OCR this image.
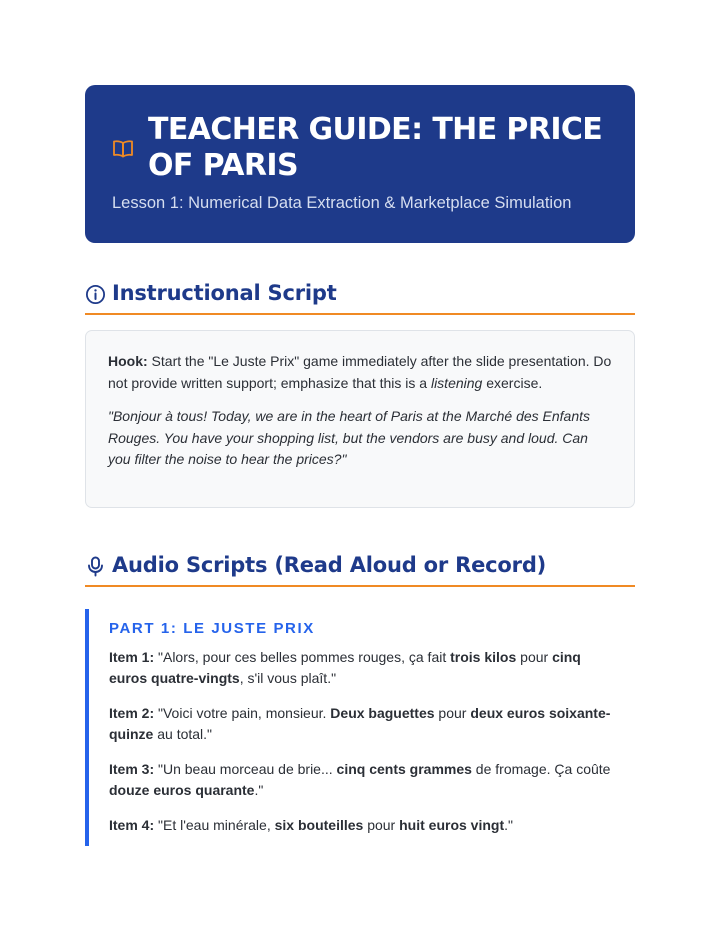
TEACHER GUIDE: THE PRICE OF PARIS

Lesson 1: Numerical Data Extraction & Marketplace Simulation

Instructional Script

Hook: Start the "Le Juste Prix" game immediately after the slide presentation. Do not provide written support; emphasize that this is a listening exercise.

"Bonjour à tous! Today, we are in the heart of Paris at the Marché des Enfants Rouges. You have your shopping list, but the vendors are busy and loud. Can you filter the noise to hear the prices?"

Audio Scripts (Read Aloud or Record)
PART 1: LE JUSTE PRIX

Item 1: "Alors, pour ces belles pommes rouges, ça fait trois kilos pour cinq euros quatre-vingts, s'il vous plaît."

Item 2: "Voici votre pain, monsieur. Deux baguettes pour deux euros soixante-quinze au total."

Item 3: "Un beau morceau de brie... cinq cents grammes de fromage. Ça coûte douze euros quarante."

Item 4: "Et l'eau minérale, six bouteilles pour huit euros vingt."
